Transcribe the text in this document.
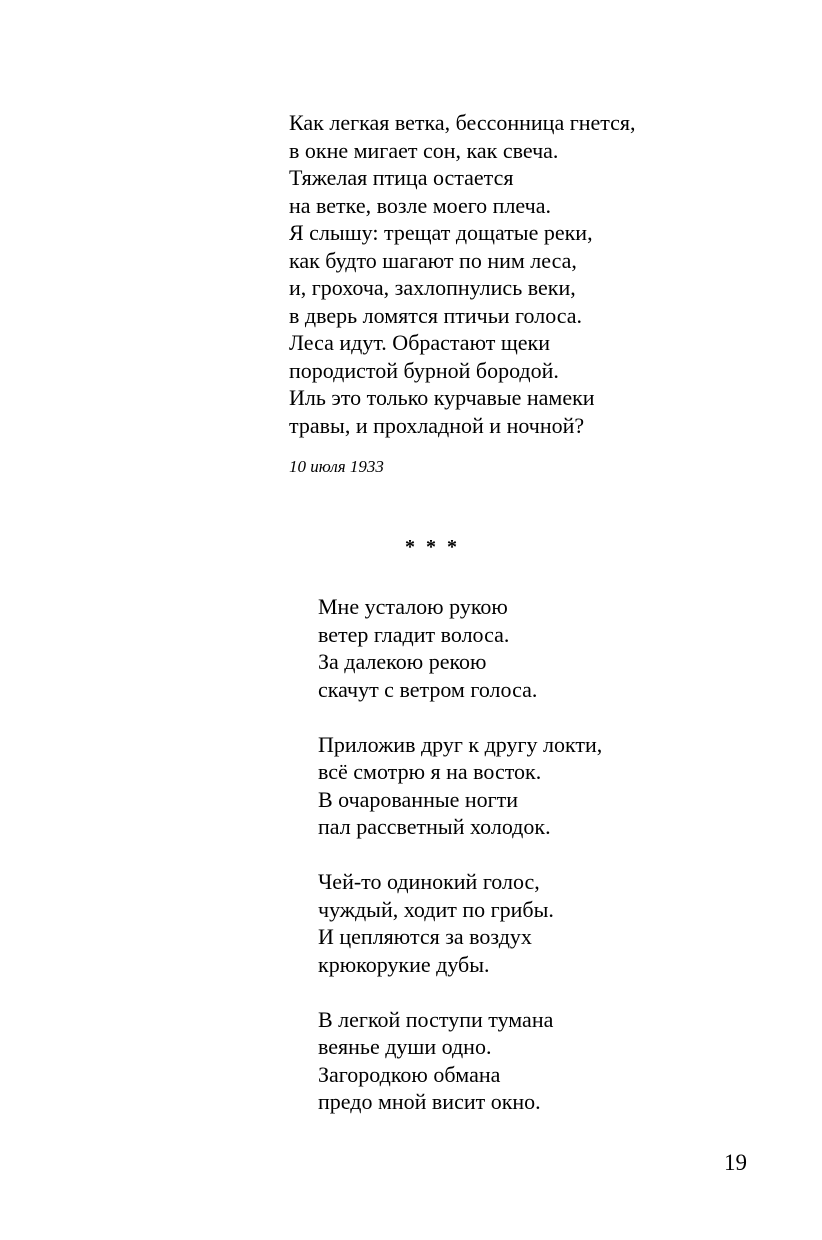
Как легкая ветка, бессонница гнется,
в окне мигает сон, как свеча.
Тяжелая птица остается
на ветке, возле моего плеча.
Я слышу: трещат дощатые реки,
как будто шагают по ним леса,
и, грохоча, захлопнулись веки,
в дверь ломятся птичьи голоса.
Леса идут. Обрастают щеки
породистой бурной бородой.
Иль это только курчавые намеки
травы, и прохладной и ночной?
10 июля 1933
* * *
Мне усталою рукою
ветер гладит волоса.
За далекою рекою
скачут с ветром голоса.
Приложив друг к другу локти,
всё смотрю я на восток.
В очарованные ногти
пал рассветный холодок.
Чей-то одинокий голос,
чуждый, ходит по грибы.
И цепляются за воздух
крюкорукие дубы.
В легкой поступи тумана
веянье души одно.
Загородкою обмана
предо мной висит окно.
19
